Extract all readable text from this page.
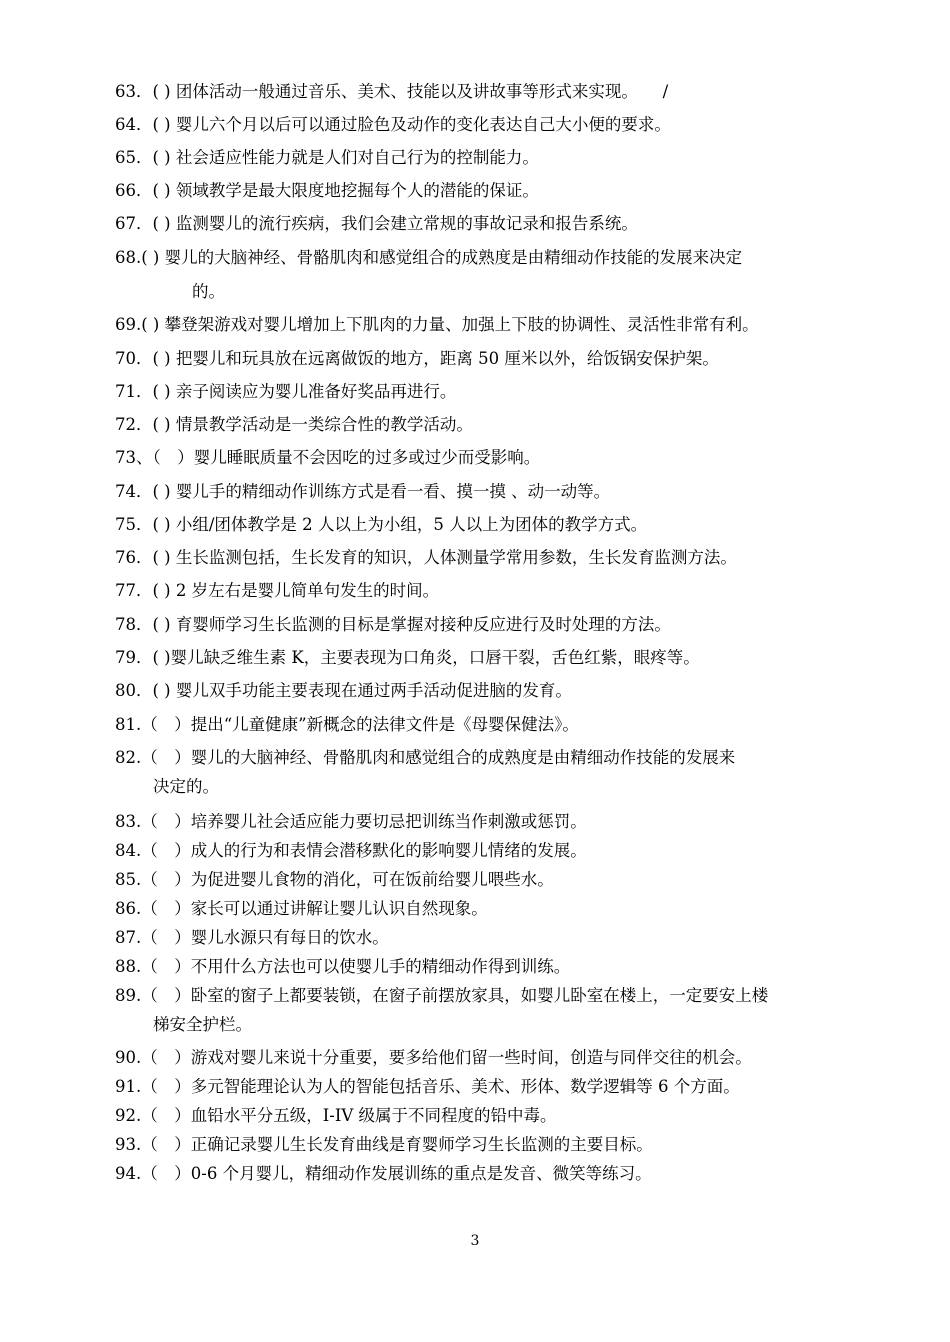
63．( ) 团体活动一般通过音乐、美术、技能以及讲故事等形式来实现。　　/
64．( ) 婴儿六个月以后可以通过脸色及动作的变化表达自己大小便的要求。
65．( ) 社会适应性能力就是人们对自己行为的控制能力。
66．( ) 领域教学是最大限度地挖掘每个人的潜能的保证。
67．( ) 监测婴儿的流行疾病，我们会建立常规的事故记录和报告系统。
68.( ) 婴儿的大脑神经、骨骼肌肉和感觉组合的成熟度是由精细动作技能的发展来决定
的。
69.( ) 攀登架游戏对婴儿增加上下肌肉的力量、加强上下肢的协调性、灵活性非常有利。
70．( ) 把婴儿和玩具放在远离做饭的地方，距离 50 厘米以外，给饭锅安保护架。
71．( ) 亲子阅读应为婴儿准备好奖品再进行。
72．( ) 情景教学活动是一类综合性的教学活动。
73、（　）婴儿睡眠质量不会因吃的过多或过少而受影响。
74．( ) 婴儿手的精细动作训练方式是看一看、摸一摸 、动一动等。
75．( ) 小组/团体教学是 2 人以上为小组，5 人以上为团体的教学方式。
76．( ) 生长监测包括，生长发育的知识，人体测量学常用参数，生长发育监测方法。
77．( ) 2 岁左右是婴儿简单句发生的时间。
78．( ) 育婴师学习生长监测的目标是掌握对接种反应进行及时处理的方法。
79．( )婴儿缺乏维生素 K，主要表现为口角炎，口唇干裂，舌色红紫，眼疼等。
80．( ) 婴儿双手功能主要表现在通过两手活动促进脑的发育。
81.（　）提出“儿童健康”新概念的法律文件是《母婴保健法》。
82.（　）婴儿的大脑神经、骨骼肌肉和感觉组合的成熟度是由精细动作技能的发展来
决定的。
83.（　）培养婴儿社会适应能力要切忌把训练当作刺激或惩罚。
84.（　）成人的行为和表情会潜移默化的影响婴儿情绪的发展。
85.（　）为促进婴儿食物的消化，可在饭前给婴儿喂些水。
86.（　）家长可以通过讲解让婴儿认识自然现象。
87.（　）婴儿水源只有每日的饮水。
88.（　）不用什么方法也可以使婴儿手的精细动作得到训练。
89.（　）卧室的窗子上都要装锁，在窗子前摆放家具，如婴儿卧室在楼上，一定要安上楼
梯安全护栏。
90.（　）游戏对婴儿来说十分重要，要多给他们留一些时间，创造与同伴交往的机会。
91.（　）多元智能理论认为人的智能包括音乐、美术、形体、数学逻辑等 6 个方面。
92.（　）血铅水平分五级，I-IV 级属于不同程度的铅中毒。
93.（　）正确记录婴儿生长发育曲线是育婴师学习生长监测的主要目标。
94.（　）0-6 个月婴儿，精细动作发展训练的重点是发音、微笑等练习。
3
